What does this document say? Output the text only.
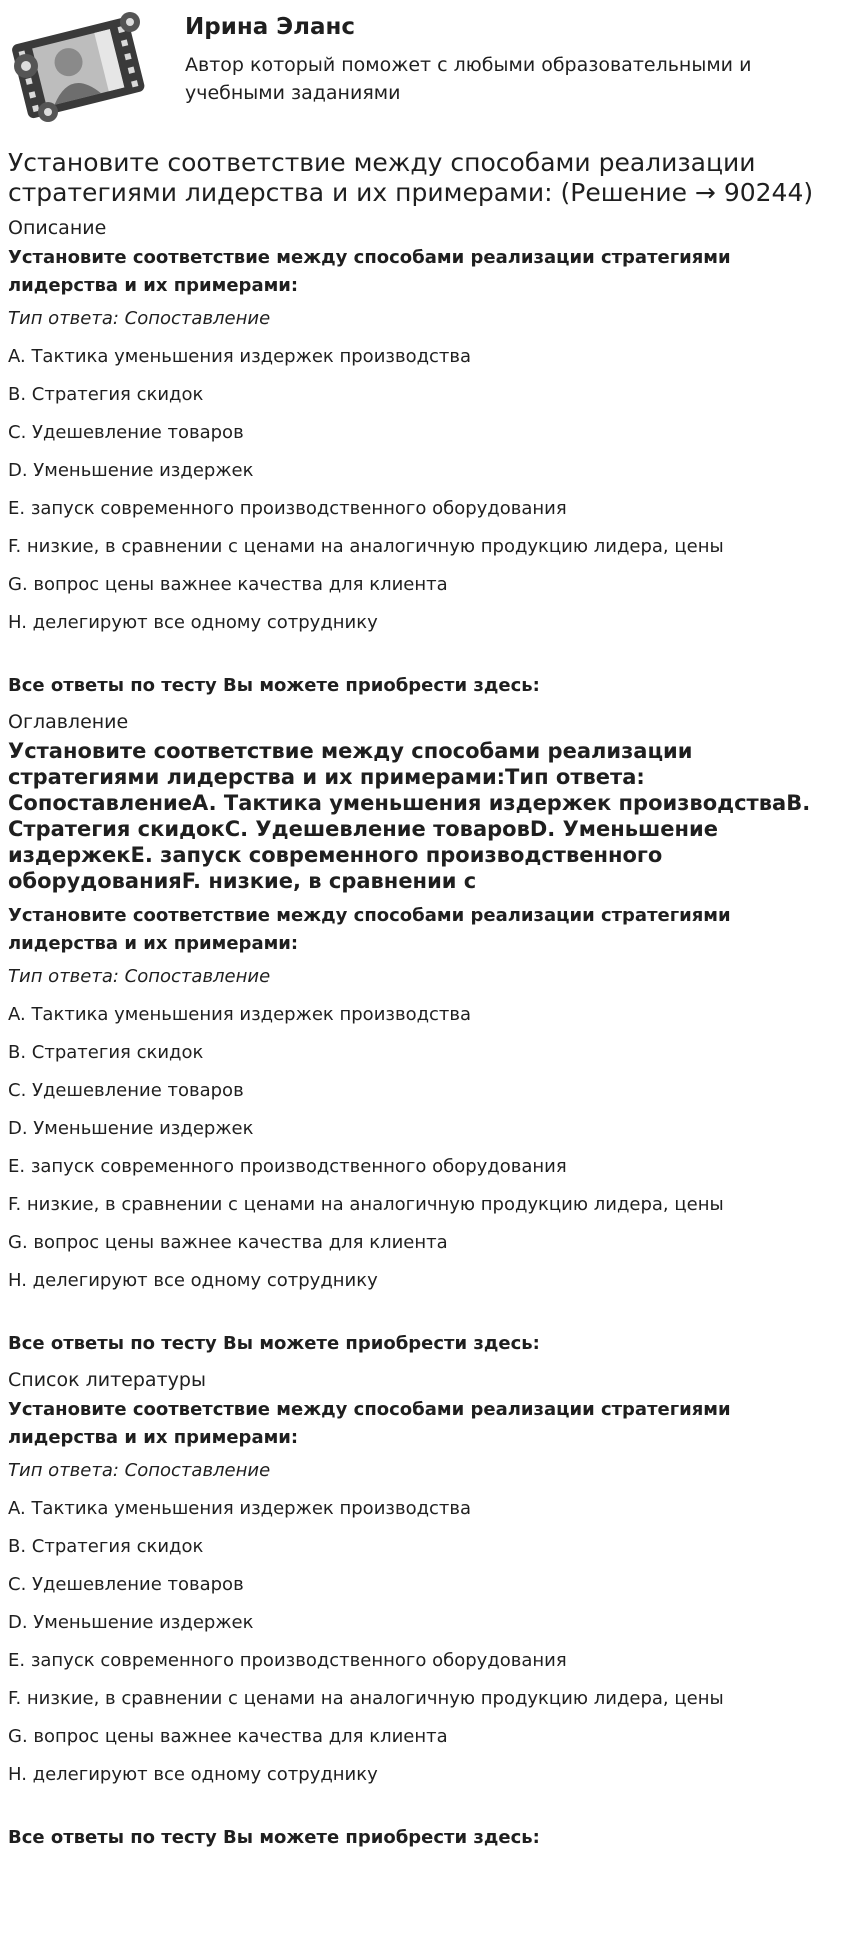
Ирина Эланс

Автор который поможет с любыми образовательными и учебными заданиями

Установите соответствие между способами реализации стратегиями лидерства и их примерами: (Решение → 90244)
Описание
Установите соответствие между способами реализации стратегиями лидерства и их примерами:
Тип ответа: Сопоставление
A. Тактика уменьшения издержек производства
B. Стратегия скидок
C. Удешевление товаров
D. Уменьшение издержек
E. запуск современного производственного оборудования
F. низкие, в сравнении с ценами на аналогичную продукцию лидера, цены
G. вопрос цены важнее качества для клиента
H. делегируют все одному сотруднику
Все ответы по тесту Вы можете приобрести здесь:
Оглавление
Установите соответствие между способами реализации стратегиями лидерства и их примерами:Тип ответа: СопоставлениеA. Тактика уменьшения издержек производстваB. Стратегия скидокC. Удешевление товаровD. Уменьшение издержекE. запуск современного производственного оборудованияF. низкие, в сравнении с
Установите соответствие между способами реализации стратегиями лидерства и их примерами:
Тип ответа: Сопоставление
A. Тактика уменьшения издержек производства
B. Стратегия скидок
C. Удешевление товаров
D. Уменьшение издержек
E. запуск современного производственного оборудования
F. низкие, в сравнении с ценами на аналогичную продукцию лидера, цены
G. вопрос цены важнее качества для клиента
H. делегируют все одному сотруднику
Все ответы по тесту Вы можете приобрести здесь:
Список литературы
Установите соответствие между способами реализации стратегиями лидерства и их примерами:
Тип ответа: Сопоставление
A. Тактика уменьшения издержек производства
B. Стратегия скидок
C. Удешевление товаров
D. Уменьшение издержек
E. запуск современного производственного оборудования
F. низкие, в сравнении с ценами на аналогичную продукцию лидера, цены
G. вопрос цены важнее качества для клиента
H. делегируют все одному сотруднику
Все ответы по тесту Вы можете приобрести здесь:
